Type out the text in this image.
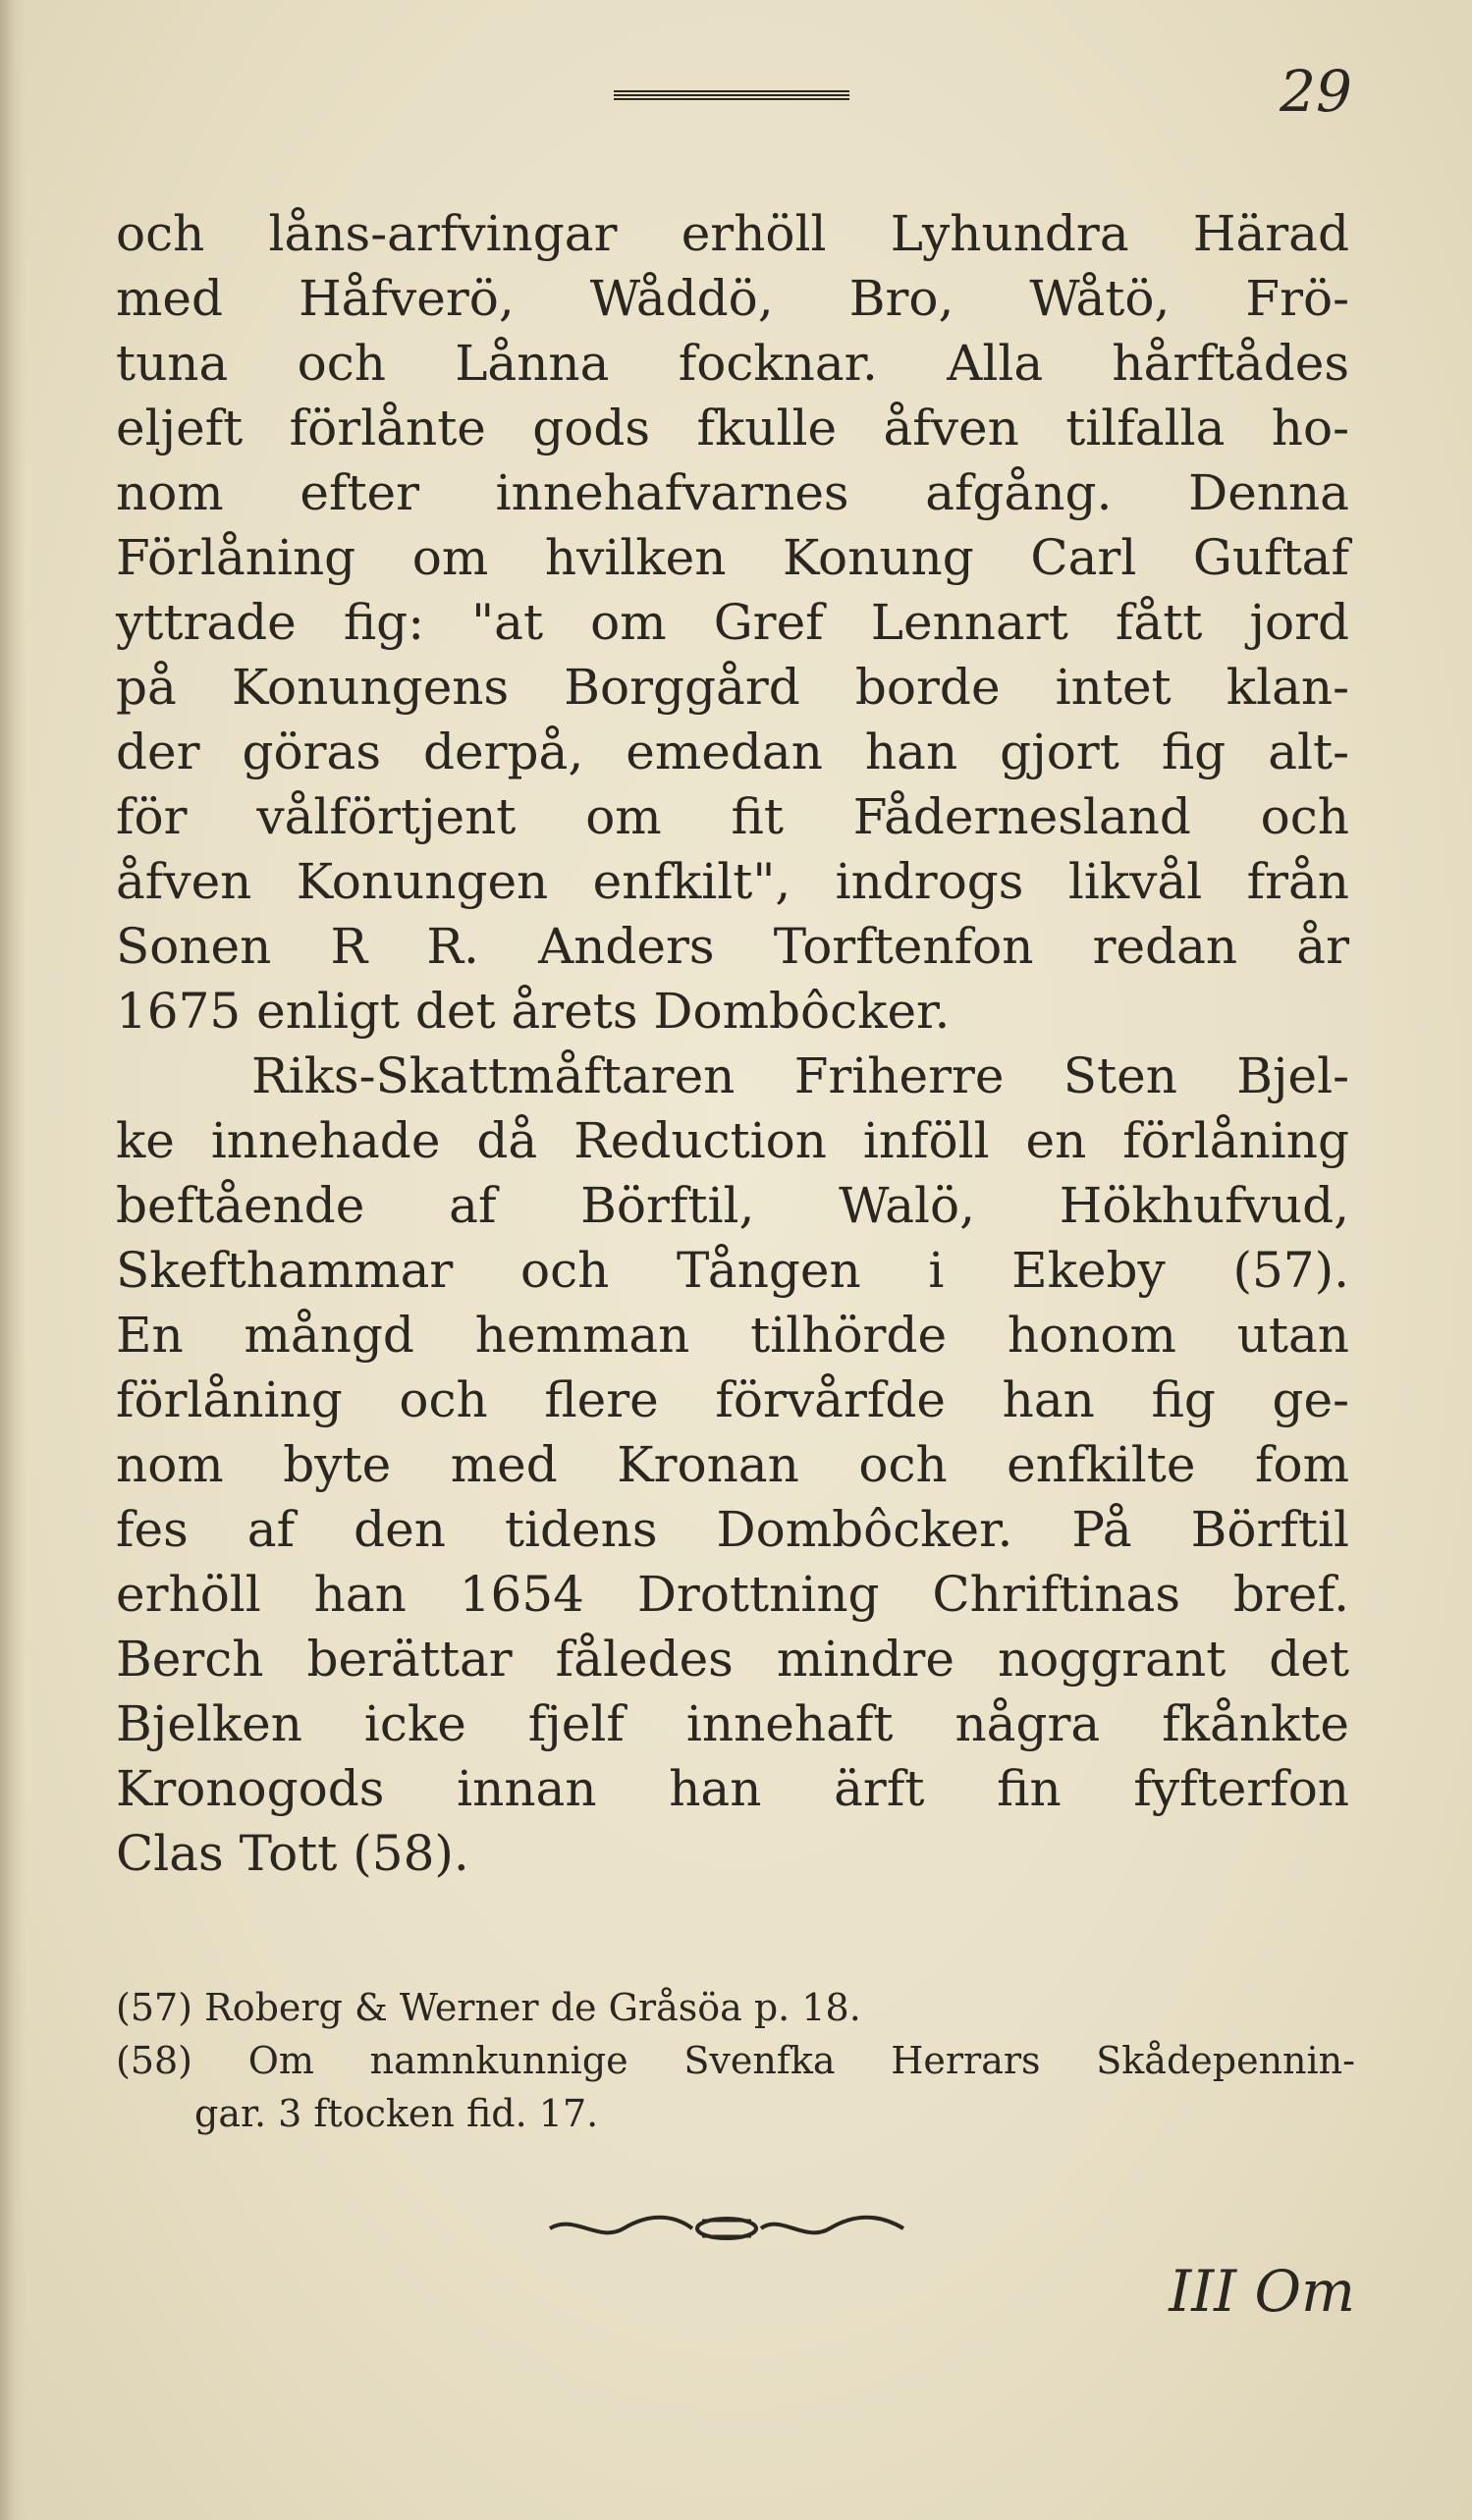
29
och låns-arfvingar erhöll Lyhundra Härad
med Håfverö, Wåddö, Bro, Wåtö, Frö-
tuna och Lånna focknar. Alla hårftådes
eljeft förlånte gods fkulle åfven tilfalla ho-
nom efter innehafvarnes afgång. Denna
Förlåning om hvilken Konung Carl Guftaf
yttrade fig: "at om Gref Lennart fått jord
på Konungens Borggård borde intet klan-
der göras derpå, emedan han gjort fig alt-
för vålförtjent om fit Fådernesland och
åfven Konungen enfkilt", indrogs likvål från
Sonen R R. Anders Torftenfon redan år
1675 enligt det årets Dombôcker.
Riks-Skattmåftaren Friherre Sten Bjel-
ke innehade då Reduction inföll en förlåning
beftående af Börftil, Walö, Hökhufvud,
Skefthammar och Tången i Ekeby (57).
En mångd hemman tilhörde honom utan
förlåning och flere förvårfde han fig ge-
nom byte med Kronan och enfkilte fom
fes af den tidens Dombôcker. På Börftil
erhöll han 1654 Drottning Chriftinas bref.
Berch berättar fåledes mindre noggrant det
Bjelken icke fjelf innehaft några fkånkte
Kronogods innan han ärft fin fyfterfon
Clas Tott (58).
(57) Roberg & Werner de Gråsöa p. 18.
(58) Om namnkunnige Svenfka Herrars Skådepennin-
gar. 3 ftocken fid. 17.
III Om
